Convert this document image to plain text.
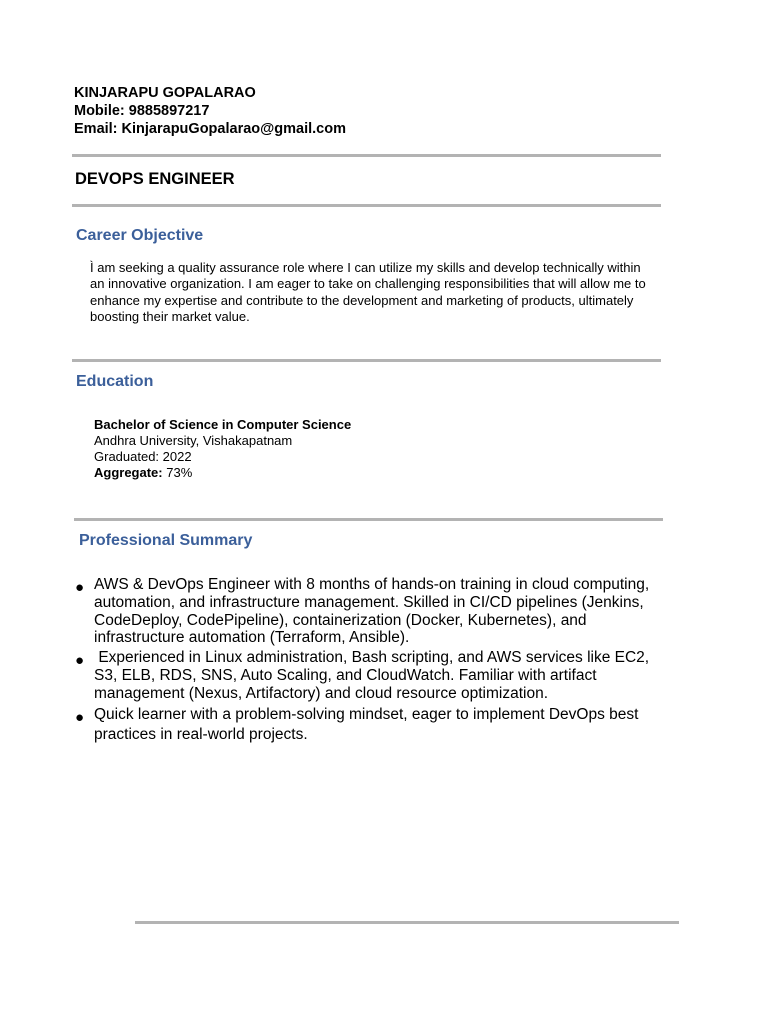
KINJARAPU GOPALARAO
Mobile: 9885897217
Email: KinjarapuGopalarao@gmail.com
DEVOPS ENGINEER
Career Objective
Ì am seeking a quality assurance role where I can utilize my skills and develop technically within an innovative organization. I am eager to take on challenging responsibilities that will allow me to enhance my expertise and contribute to the development and marketing of products, ultimately boosting their market value.
Education
Bachelor of Science in Computer Science
Andhra University, Vishakapatnam
Graduated: 2022
Aggregate: 73%
Professional Summary
● AWS & DevOps Engineer with 8 months of hands-on training in cloud computing, automation, and infrastructure management. Skilled in CI/CD pipelines (Jenkins, CodeDeploy, CodePipeline), containerization (Docker, Kubernetes), and infrastructure automation (Terraform, Ansible).
● Experienced in Linux administration, Bash scripting, and AWS services like EC2, S3, ELB, RDS, SNS, Auto Scaling, and CloudWatch. Familiar with artifact management (Nexus, Artifactory) and cloud resource optimization.
● Quick learner with a problem-solving mindset, eager to implement DevOps best practices in real-world projects.
